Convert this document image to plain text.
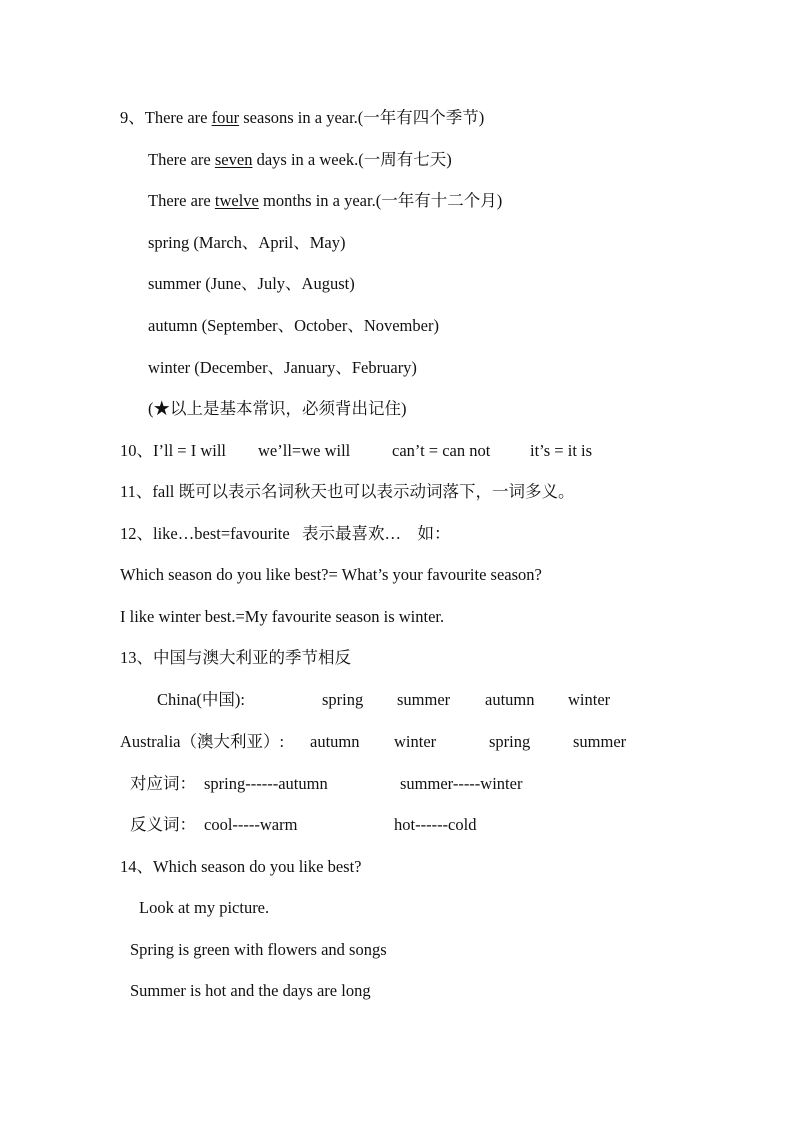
9、There are four seasons in a year.(一年有四个季节)
There are seven days in a week.(一周有七天)
There are twelve months in a year.(一年有十二个月)
spring (March、April、May)
summer (June、July、August)
autumn (September、October、November)
winter (December、January、February)
(★以上是基本常识，必须背出记住)
10、I’ll = I will we’ll=we will	can’t = can not it’s = it is
11、fall 既可以表示名词秋天也可以表示动词落下，一词多义。
12、like…best=favourite   表示最喜欢…    如：
Which season do you like best?= What’s your favourite season?
I like winter best.=My favourite season is winter.
13、中国与澳大利亚的季节相反
China(中国):	spring summer autumn winter
Australia（澳大利亚）: autumn winter	spring	summer
对应词： spring------autumn	summer-----winter
反义词： cool-----warm	hot------cold
14、Which season do you like best?
Look at my picture.
Spring is green with flowers and songs
Summer is hot and the days are long
